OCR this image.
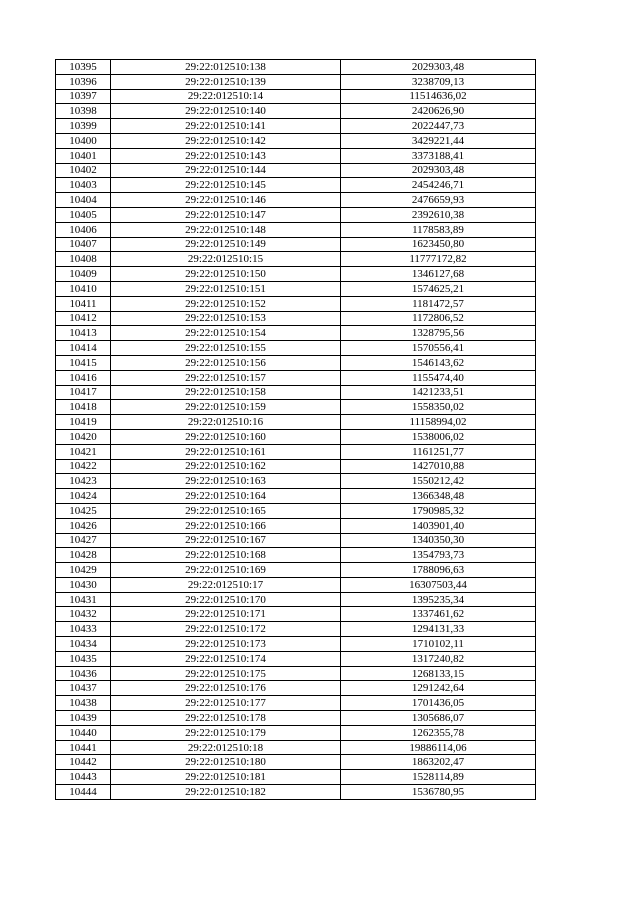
10395	29:22:012510:138	2029303,48
10396	29:22:012510:139	3238709,13
10397	29:22:012510:14	11514636,02
10398	29:22:012510:140	2420626,90
10399	29:22:012510:141	2022447,73
10400	29:22:012510:142	3429221,44
10401	29:22:012510:143	3373188,41
10402	29:22:012510:144	2029303,48
10403	29:22:012510:145	2454246,71
10404	29:22:012510:146	2476659,93
10405	29:22:012510:147	2392610,38
10406	29:22:012510:148	1178583,89
10407	29:22:012510:149	1623450,80
10408	29:22:012510:15	11777172,82
10409	29:22:012510:150	1346127,68
10410	29:22:012510:151	1574625,21
10411	29:22:012510:152	1181472,57
10412	29:22:012510:153	1172806,52
10413	29:22:012510:154	1328795,56
10414	29:22:012510:155	1570556,41
10415	29:22:012510:156	1546143,62
10416	29:22:012510:157	1155474,40
10417	29:22:012510:158	1421233,51
10418	29:22:012510:159	1558350,02
10419	29:22:012510:16	11158994,02
10420	29:22:012510:160	1538006,02
10421	29:22:012510:161	1161251,77
10422	29:22:012510:162	1427010,88
10423	29:22:012510:163	1550212,42
10424	29:22:012510:164	1366348,48
10425	29:22:012510:165	1790985,32
10426	29:22:012510:166	1403901,40
10427	29:22:012510:167	1340350,30
10428	29:22:012510:168	1354793,73
10429	29:22:012510:169	1788096,63
10430	29:22:012510:17	16307503,44
10431	29:22:012510:170	1395235,34
10432	29:22:012510:171	1337461,62
10433	29:22:012510:172	1294131,33
10434	29:22:012510:173	1710102,11
10435	29:22:012510:174	1317240,82
10436	29:22:012510:175	1268133,15
10437	29:22:012510:176	1291242,64
10438	29:22:012510:177	1701436,05
10439	29:22:012510:178	1305686,07
10440	29:22:012510:179	1262355,78
10441	29:22:012510:18	19886114,06
10442	29:22:012510:180	1863202,47
10443	29:22:012510:181	1528114,89
10444	29:22:012510:182	1536780,95
